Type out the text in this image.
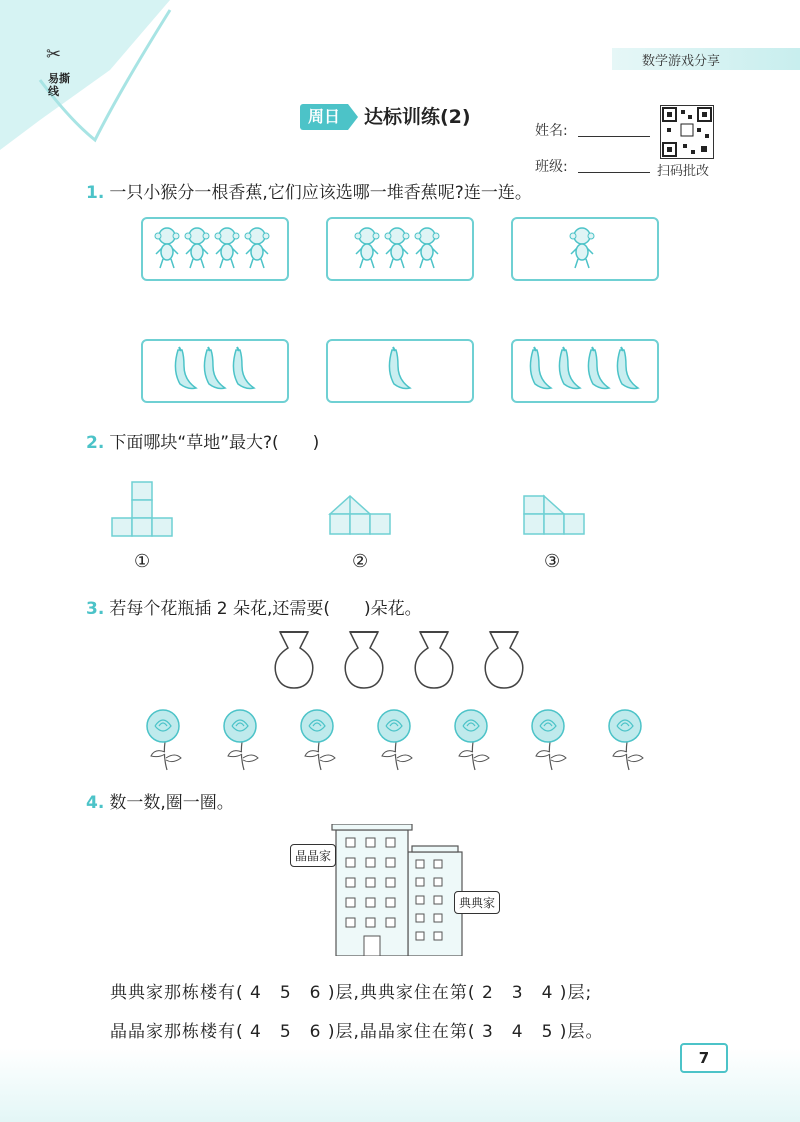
✂
易撕线
数学游戏分享
周日	达标训练(2)
姓名:
班级:	扫码批改
1. 一只小猴分一根香蕉,它们应该选哪一堆香蕉呢?连一连。
2. 下面哪块“草地”最大?(　　)
①	②	③
3. 若每个花瓶插 2 朵花,还需要(　　)朵花。
4. 数一数,圈一圈。
晶晶家
典典家
典典家那栋楼有( 4　5　6 )层,典典家住在第( 2　3　4 )层;
晶晶家那栋楼有( 4　5　6 )层,晶晶家住在第( 3　4　5 )层。
7
